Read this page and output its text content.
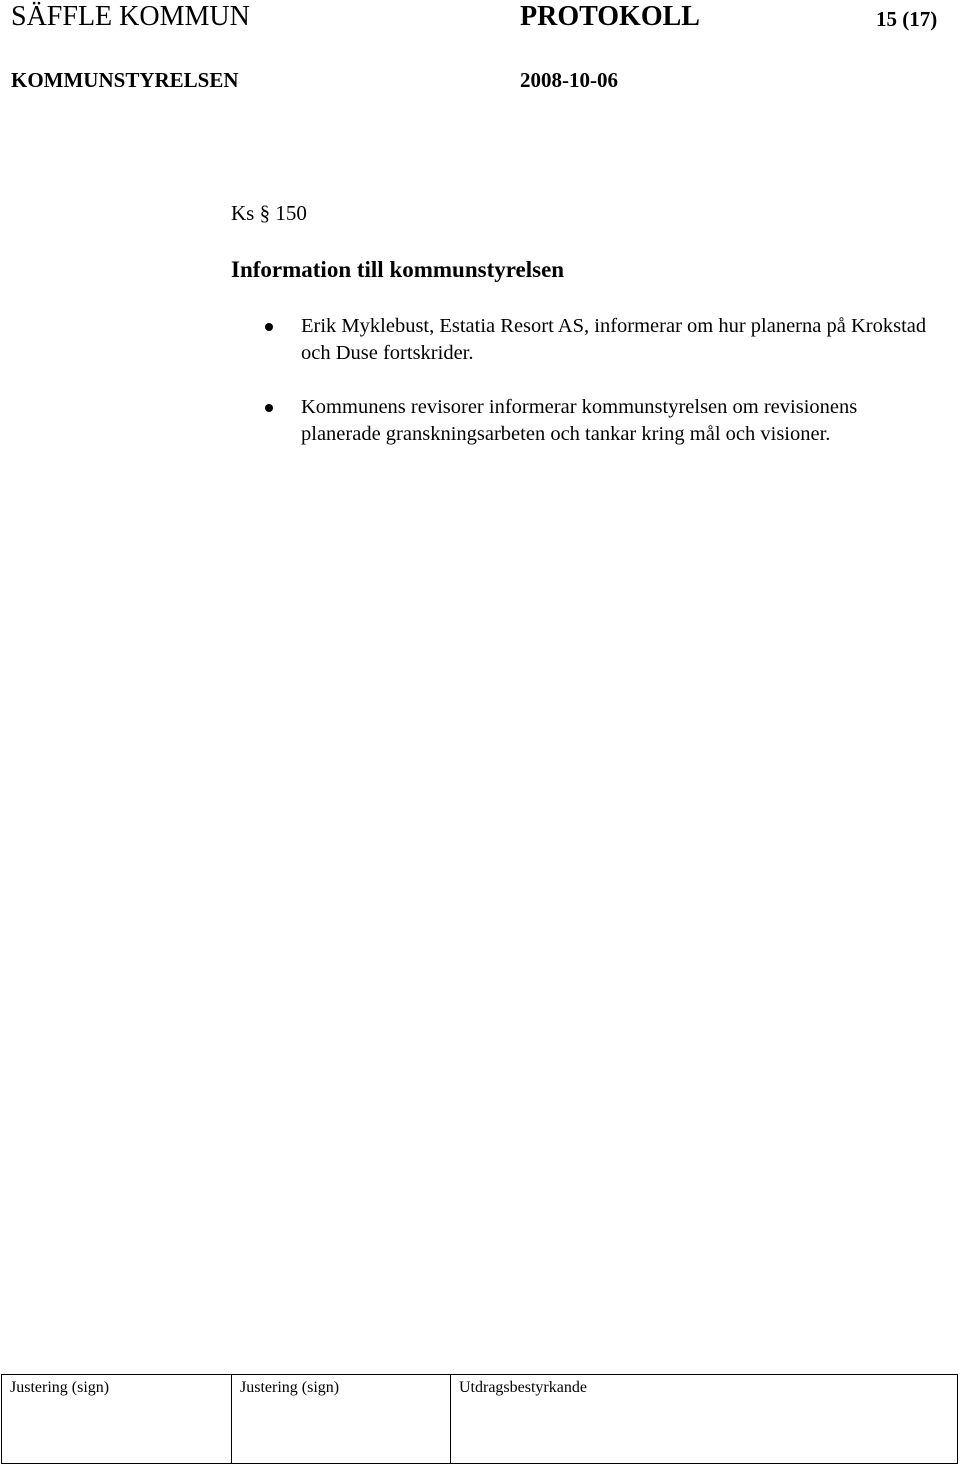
SÄFFLE KOMMUN	PROTOKOLL	15 (17)
KOMMUNSTYRELSEN	2008-10-06
Ks § 150
Information till kommunstyrelsen
Erik Myklebust, Estatia Resort AS, informerar om hur planerna på Krokstad och Duse fortskrider.
Kommunens revisorer informerar kommunstyrelsen om revisionens planerade granskningsarbeten och tankar kring mål och visioner.
Justering (sign)	Justering (sign)	Utdragsbestyrkande
